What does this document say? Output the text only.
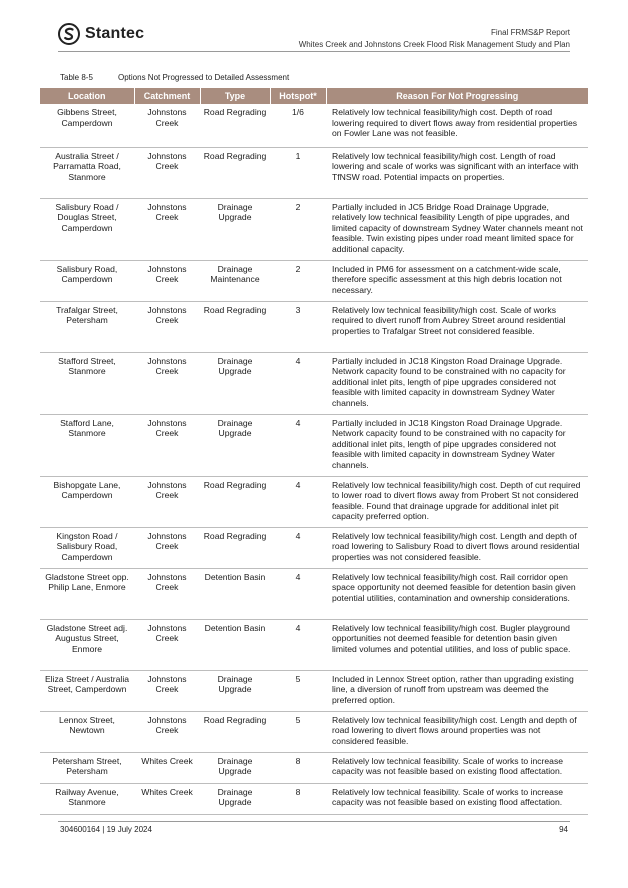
Stantec	Final FRMS&P Report
Whites Creek and Johnstons Creek Flood Risk Management Study and Plan
Table 8-5	Options Not Progressed to Detailed Assessment
Location	Catchment	Type	Hotspot*	Reason For Not Progressing
Gibbens Street, Camperdown	Johnstons Creek	Road Regrading	1/6	Relatively low technical feasibility/high cost. Depth of road lowering required to divert flows away from residential properties on Fowler Lane was not feasible.
Australia Street / Parramatta Road, Stanmore	Johnstons Creek	Road Regrading	1	Relatively low technical feasibility/high cost. Length of road lowering and scale of works was significant with an interface with TfNSW road. Potential impacts on properties.
Salisbury Road / Douglas Street, Camperdown	Johnstons Creek	Drainage Upgrade	2	Partially included in JC5 Bridge Road Drainage Upgrade, relatively low technical feasibility Length of pipe upgrades, and limited capacity of downstream Sydney Water channels meant not feasible. Twin existing pipes under road meant limited space for additional capacity.
Salisbury Road, Camperdown	Johnstons Creek	Drainage Maintenance	2	Included in PM6 for assessment on a catchment-wide scale, therefore specific assessment at this high debris location not necessary.
Trafalgar Street, Petersham	Johnstons Creek	Road Regrading	3	Relatively low technical feasibility/high cost. Scale of works required to divert runoff from Aubrey Street around residential properties to Trafalgar Street not considered feasible.
Stafford Street, Stanmore	Johnstons Creek	Drainage Upgrade	4	Partially included in JC18 Kingston Road Drainage Upgrade. Network capacity found to be constrained with no capacity for additional inlet pits, length of pipe upgrades considered not feasible with limited capacity in downstream Sydney Water channels.
Stafford Lane, Stanmore	Johnstons Creek	Drainage Upgrade	4	Partially included in JC18 Kingston Road Drainage Upgrade. Network capacity found to be constrained with no capacity for additional inlet pits, length of pipe upgrades considered not feasible with limited capacity in downstream Sydney Water channels.
Bishopgate Lane, Camperdown	Johnstons Creek	Road Regrading	4	Relatively low technical feasibility/high cost. Depth of cut required to lower road to divert flows away from Probert St not considered feasible. Found that drainage upgrade for additional inlet pit capacity preferred option.
Kingston Road / Salisbury Road, Camperdown	Johnstons Creek	Road Regrading	4	Relatively low technical feasibility/high cost. Length and depth of road lowering to Salisbury Road to divert flows around residential properties was not considered feasible.
Gladstone Street opp. Philip Lane, Enmore	Johnstons Creek	Detention Basin	4	Relatively low technical feasibility/high cost. Rail corridor open space opportunity not deemed feasible for detention basin given potential utilities, contamination and ownership considerations.
Gladstone Street adj. Augustus Street, Enmore	Johnstons Creek	Detention Basin	4	Relatively low technical feasibility/high cost. Bugler playground opportunities not deemed feasible for detention basin given limited volumes and potential utilities, and loss of public space.
Eliza Street / Australia Street, Camperdown	Johnstons Creek	Drainage Upgrade	5	Included in Lennox Street option, rather than upgrading existing line, a diversion of runoff from upstream was deemed the preferred option.
Lennox Street, Newtown	Johnstons Creek	Road Regrading	5	Relatively low technical feasibility/high cost. Length and depth of road lowering to divert flows around properties was not considered feasible.
Petersham Street, Petersham	Whites Creek	Drainage Upgrade	8	Relatively low technical feasibility. Scale of works to increase capacity was not feasible based on existing flood affectation.
Railway Avenue, Stanmore	Whites Creek	Drainage Upgrade	8	Relatively low technical feasibility. Scale of works to increase capacity was not feasible based on existing flood affectation.
304600164 | 19 July 2024	94
